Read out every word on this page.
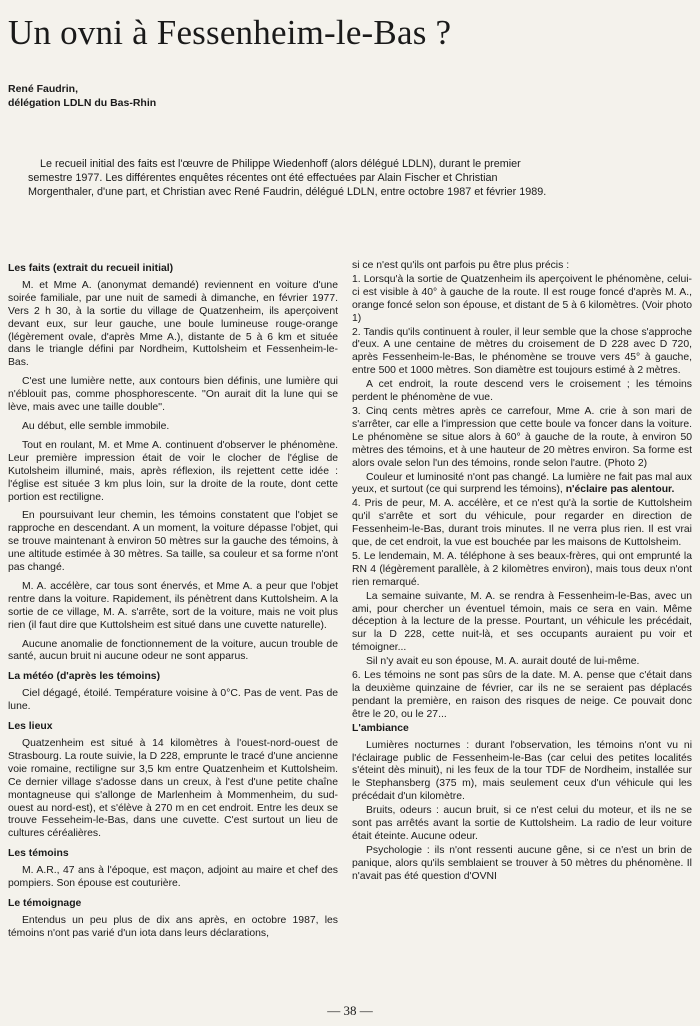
Un ovni à Fessenheim-le-Bas ?
René Faudrin,
délégation LDLN du Bas-Rhin

Le recueil initial des faits est l'œuvre de Philippe Wiedenhoff (alors délégué LDLN), durant le premier semestre 1977. Les différentes enquêtes récentes ont été effectuées par Alain Fischer et Christian Morgenthaler, d'une part, et Christian avec René Faudrin, délégué LDLN, entre octobre 1987 et février 1989.

Les faits (extrait du recueil initial)

M. et Mme A. (anonymat demandé) reviennent en voiture d'une soirée familiale, par une nuit de samedi à dimanche, en février 1977. Vers 2 h 30, à la sortie du village de Quatzenheim, ils aperçoivent devant eux, sur leur gauche, une boule lumineuse rouge-orange (légèrement ovale, d'après Mme A.), distante de 5 à 6 km et située dans le triangle défini par Nordheim, Kuttolsheim et Fessenheim-le-Bas.

C'est une lumière nette, aux contours bien définis, une lumière qui n'éblouit pas, comme phosphorescente. ''On aurait dit la lune qui se lève, mais avec une taille double''.

Au début, elle semble immobile.

Tout en roulant, M. et Mme A. continuent d'observer le phénomène. Leur première impression était de voir le clocher de l'église de Kutolsheim illuminé, mais, après réflexion, ils rejettent cette idée : l'église est située 3 km plus loin, sur la droite de la route, dont cette portion est rectiligne.

En poursuivant leur chemin, les témoins constatent que l'objet se rapproche en descendant. A un moment, la voiture dépasse l'objet, qui se trouve maintenant à environ 50 mètres sur la gauche des témoins, à une altitude estimée à 30 mètres. Sa taille, sa couleur et sa forme n'ont pas changé.

M. A. accélère, car tous sont énervés, et Mme A. a peur que l'objet rentre dans la voiture. Rapidement, ils pénètrent dans Kuttolsheim. A la sortie de ce village, M. A. s'arrête, sort de la voiture, mais ne voit plus rien (il faut dire que Kuttolsheim est situé dans une cuvette naturelle).

Aucune anomalie de fonctionnement de la voiture, aucun trouble de santé, aucun bruit ni aucune odeur ne sont apparus.

La météo (d'après les témoins)

Ciel dégagé, étoilé. Température voisine à 0°C. Pas de vent. Pas de lune.

Les lieux

Quatzenheim est situé à 14 kilomètres à l'ouest-nord-ouest de Strasbourg. La route suivie, la D 228, emprunte le tracé d'une ancienne voie romaine, rectiligne sur 3,5 km entre Quatzenheim et Kuttolsheim. Ce dernier village s'adosse dans un creux, à l'est d'une petite chaîne montagneuse qui s'allonge de Marlenheim à Mommenheim, du sud-ouest au nord-est), et s'élève à 270 m en cet endroit. Entre les deux se trouve Fesseheim-le-Bas, dans une cuvette. C'est surtout un lieu de cultures céréalières.

Les témoins

M. A.R., 47 ans à l'époque, est maçon, adjoint au maire et chef des pompiers. Son épouse est couturière.

Le témoignage

Entendus un peu plus de dix ans après, en octobre 1987, les témoins n'ont pas varié d'un iota dans leurs déclarations,

si ce n'est qu'ils ont parfois pu être plus précis :

1. Lorsqu'à la sortie de Quatzenheim ils aperçoivent le phénomène, celui-ci est visible à 40° à gauche de la route. Il est rouge foncé d'après M. A., orange foncé selon son épouse, et distant de 5 à 6 kilomètres. (Voir photo 1)

2. Tandis qu'ils continuent à rouler, il leur semble que la chose s'approche d'eux. A une centaine de mètres du croisement de D 228 avec D 720, après Fessenheim-le-Bas, le phénomène se trouve vers 45° à gauche, entre 500 et 1000 mètres. Son diamètre est toujours estimé à 2 mètres.

A cet endroit, la route descend vers le croisement ; les témoins perdent le phénomène de vue.

3. Cinq cents mètres après ce carrefour, Mme A. crie à son mari de s'arrêter, car elle a l'impression que cette boule va foncer dans la voiture. Le phénomène se situe alors à 60° à gauche de la route, à environ 50 mètres des témoins, et à une hauteur de 20 mètres environ. Sa forme est alors ovale selon l'un des témoins, ronde selon l'autre. (Photo 2)

Couleur et luminosité n'ont pas changé. La lumière ne fait pas mal aux yeux, et surtout (ce qui surprend les témoins), n'éclaire pas alentour.

4. Pris de peur, M. A. accélère, et ce n'est qu'à la sortie de Kuttolsheim qu'il s'arrête et sort du véhicule, pour regarder en direction de Fessenheim-le-Bas, durant trois minutes. Il ne verra plus rien. Il est vrai que, de cet endroit, la vue est bouchée par les maisons de Kuttolsheim.

5. Le lendemain, M. A. téléphone à ses beaux-frères, qui ont emprunté la RN 4 (légèrement parallèle, à 2 kilomètres environ), mais tous deux n'ont rien remarqué.

La semaine suivante, M. A. se rendra à Fessenheim-le-Bas, avec un ami, pour chercher un éventuel témoin, mais ce sera en vain. Même déception à la lecture de la presse. Pourtant, un véhicule les précédait, sur la D 228, cette nuit-là, et ses occupants auraient pu voir et témoigner...

Sil n'y avait eu son épouse, M. A. aurait douté de lui-même.

6. Les témoins ne sont pas sûrs de la date. M. A. pense que c'était dans la deuxième quinzaine de février, car ils ne se seraient pas déplacés pendant la première, en raison des risques de neige. Ce pouvait donc être le 20, ou le 27...

L'ambiance

Lumières nocturnes : durant l'observation, les témoins n'ont vu ni l'éclairage public de Fessenheim-le-Bas (car celui des petites localités s'éteint dès minuit), ni les feux de la tour TDF de Nordheim, installée sur le Stephansberg (375 m), mais seulement ceux d'un véhicule qui les précédait d'un kilomètre.

Bruits, odeurs : aucun bruit, si ce n'est celui du moteur, et ils ne se sont pas arrêtés avant la sortie de Kuttolsheim. La radio de leur voiture était éteinte. Aucune odeur.

Psychologie : ils n'ont ressenti aucune gêne, si ce n'est un brin de panique, alors qu'ils semblaient se trouver à 50 mètres du phénomène. Il n'avait pas été question d'OVNI

— 38 —
